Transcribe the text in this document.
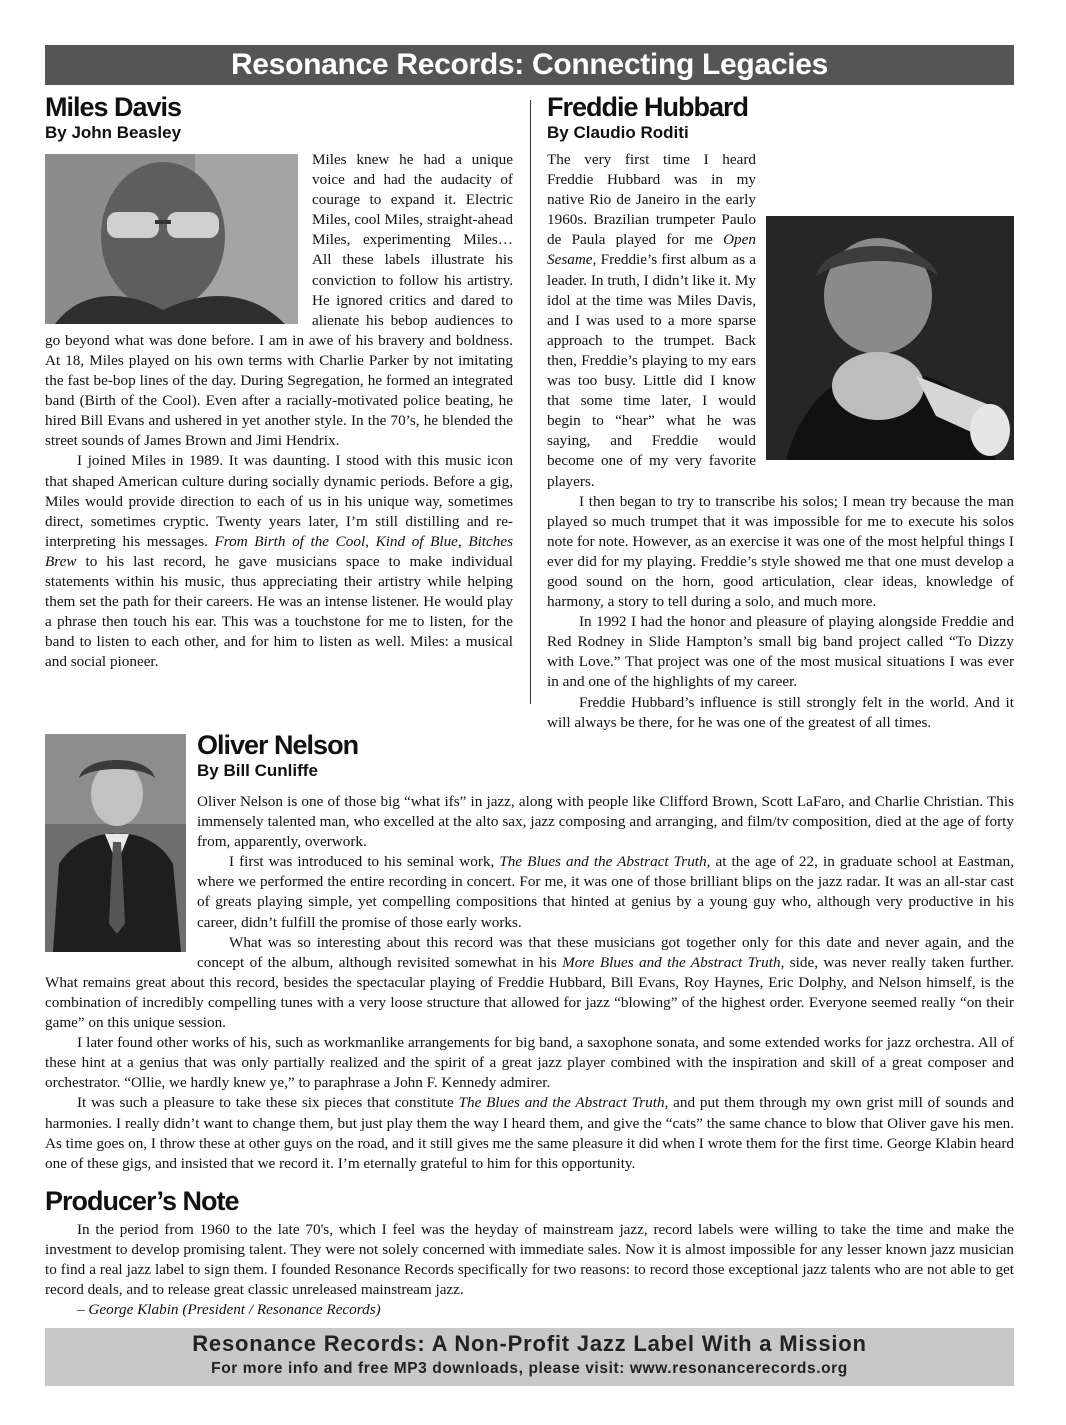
Resonance Records: Connecting Legacies
Miles Davis

By John Beasley

Miles knew he had a unique voice and had the audacity of courage to expand it. Electric Miles, cool Miles, straight-ahead Miles, experimenting Miles… All these labels illustrate his conviction to follow his artistry. He ignored critics and dared to alienate his bebop audiences to go beyond what was done before. I am in awe of his bravery and boldness. At 18, Miles played on his own terms with Charlie Parker by not imitating the fast be-bop lines of the day. During Segregation, he formed an integrated band (Birth of the Cool). Even after a racially-motivated police beating, he hired Bill Evans and ushered in yet another style. In the 70’s, he blended the street sounds of James Brown and Jimi Hendrix.

I joined Miles in 1989. It was daunting. I stood with this music icon that shaped American culture during socially dynamic periods. Before a gig, Miles would provide direction to each of us in his unique way, sometimes direct, sometimes cryptic. Twenty years later, I’m still distilling and re-interpreting his messages. From Birth of the Cool, Kind of Blue, Bitches Brew to his last record, he gave musicians space to make individual statements within his music, thus appreciating their artistry while helping them set the path for their careers. He was an intense listener. He would play a phrase then touch his ear. This was a touchstone for me to listen, for the band to listen to each other, and for him to listen as well. Miles: a musical and social pioneer.

Freddie Hubbard

By Claudio Roditi

The very first time I heard Freddie Hubbard was in my native Rio de Janeiro in the early 1960s. Brazilian trumpeter Paulo de Paula played for me Open Sesame, Freddie’s first album as a leader. In truth, I didn’t like it. My idol at the time was Miles Davis, and I was used to a more sparse approach to the trumpet. Back then, Freddie’s playing to my ears was too busy. Little did I know that some time later, I would begin to “hear” what he was saying, and Freddie would become one of my very favorite players.

I then began to try to transcribe his solos; I mean try because the man played so much trumpet that it was impossible for me to execute his solos note for note. However, as an exercise it was one of the most helpful things I ever did for my playing. Freddie’s style showed me that one must develop a good sound on the horn, good articulation, clear ideas, knowledge of harmony, a story to tell during a solo, and much more.

In 1992 I had the honor and pleasure of playing alongside Freddie and Red Rodney in Slide Hampton’s small big band project called “To Dizzy with Love.” That project was one of the most musical situations I was ever in and one of the highlights of my career.

Freddie Hubbard’s influence is still strongly felt in the world. And it will always be there, for he was one of the greatest of all times.

Oliver Nelson

By Bill Cunliffe

Oliver Nelson is one of those big “what ifs” in jazz, along with people like Clifford Brown, Scott LaFaro, and Charlie Christian. This immensely talented man, who excelled at the alto sax, jazz composing and arranging, and film/tv composition, died at the age of forty from, apparently, overwork.

I first was introduced to his seminal work, The Blues and the Abstract Truth, at the age of 22, in graduate school at Eastman, where we performed the entire recording in concert. For me, it was one of those brilliant blips on the jazz radar. It was an all-star cast of greats playing simple, yet compelling compositions that hinted at genius by a young guy who, although very productive in his career, didn’t fulfill the promise of those early works.

What was so interesting about this record was that these musicians got together only for this date and never again, and the concept of the album, although revisited somewhat in his More Blues and the Abstract Truth, side, was never really taken further. What remains great about this record, besides the spectacular playing of Freddie Hubbard, Bill Evans, Roy Haynes, Eric Dolphy, and Nelson himself, is the combination of incredibly compelling tunes with a very loose structure that allowed for jazz “blowing” of the highest order. Everyone seemed really “on their game” on this unique session.

I later found other works of his, such as workmanlike arrangements for big band, a saxophone sonata, and some extended works for jazz orchestra. All of these hint at a genius that was only partially realized and the spirit of a great jazz player combined with the inspiration and skill of a great composer and orchestrator. “Ollie, we hardly knew ye,” to paraphrase a John F. Kennedy admirer.

It was such a pleasure to take these six pieces that constitute The Blues and the Abstract Truth, and put them through my own grist mill of sounds and harmonies. I really didn’t want to change them, but just play them the way I heard them, and give the “cats” the same chance to blow that Oliver gave his men. As time goes on, I throw these at other guys on the road, and it still gives me the same pleasure it did when I wrote them for the first time. George Klabin heard one of these gigs, and insisted that we record it. I’m eternally grateful to him for this opportunity.

Producer’s Note

In the period from 1960 to the late 70's, which I feel was the heyday of mainstream jazz, record labels were willing to take the time and make the investment to develop promising talent. They were not solely concerned with immediate sales. Now it is almost impossible for any lesser known jazz musician to find a real jazz label to sign them. I founded Resonance Records specifically for two reasons: to record those exceptional jazz talents who are not able to get record deals, and to release great classic unreleased mainstream jazz.

– George Klabin (President / Resonance Records)

Resonance Records: A Non-Profit Jazz Label With a Mission
For more info and free MP3 downloads, please visit: www.resonancerecords.org
